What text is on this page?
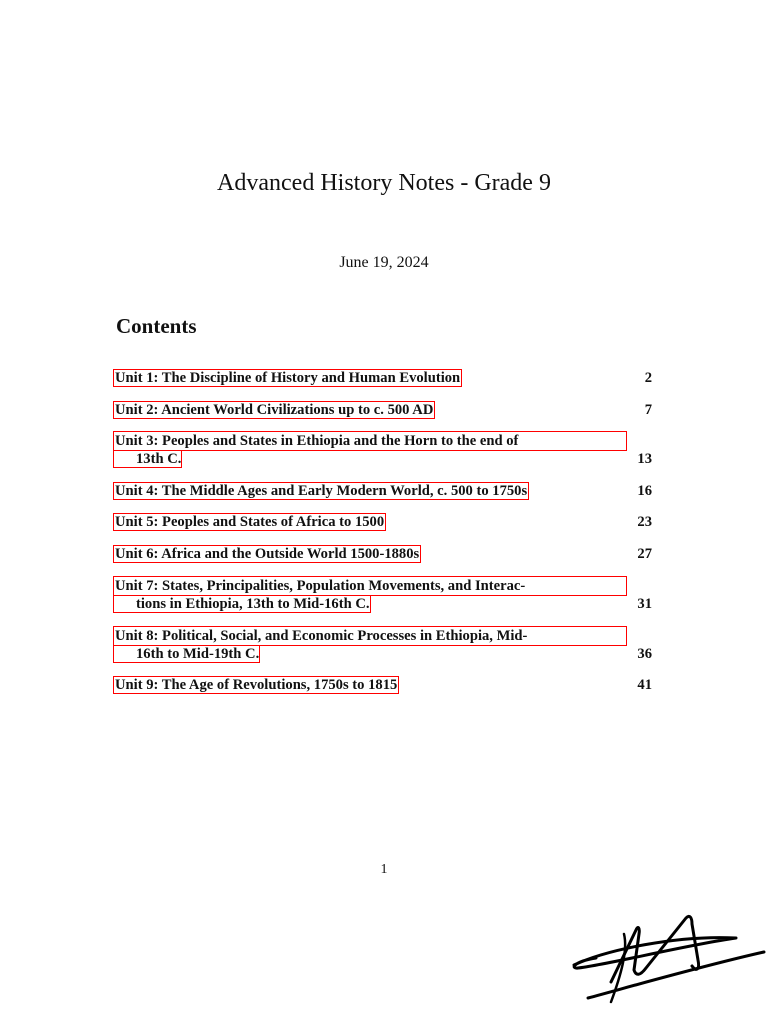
Advanced History Notes - Grade 9
June 19, 2024
Contents
Unit 1: The Discipline of History and Human Evolution	2
Unit 2: Ancient World Civilizations up to c. 500 AD	7
Unit 3: Peoples and States in Ethiopia and the Horn to the end of
13th C.	13
Unit 4: The Middle Ages and Early Modern World, c. 500 to 1750s	16
Unit 5: Peoples and States of Africa to 1500	23
Unit 6: Africa and the Outside World 1500-1880s	27
Unit 7: States, Principalities, Population Movements, and Interac-
tions in Ethiopia, 13th to Mid-16th C.	31
Unit 8: Political, Social, and Economic Processes in Ethiopia, Mid-
16th to Mid-19th C.	36
Unit 9: The Age of Revolutions, 1750s to 1815	41
1
